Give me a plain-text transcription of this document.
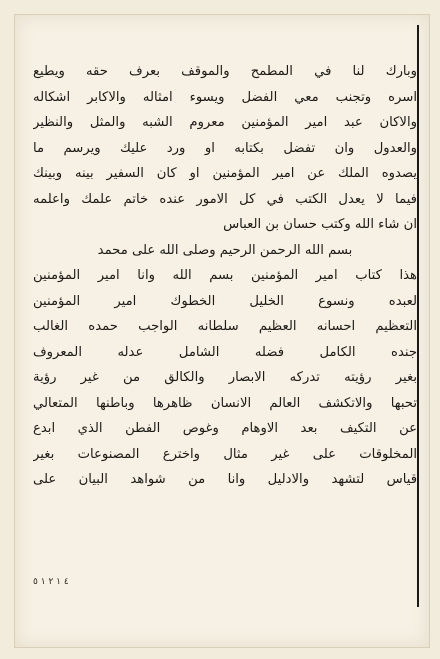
وبارك لنا في المطمح والموقف بعرف حقه ويطيع
اسره وتجنب معي الفضل ويسوء امثاله والاكابر اشكاله
والاكان عبد امير المؤمنين معروم الشبه والمثل والنظير
والعدول وان تفضل بكتابه او ورد عليك ويرسم ما
يصدوه الملك عن امير المؤمنين او كان السفير بينه وبينك
فيما لا يعدل الكتب في كل الامور عنده خاتم علمك واعلمه
ان شاء الله وكتب حسان بن العباس
بسم الله الرحمن الرحيم وصلى الله على محمد
هذا كتاب امير المؤمنين بسم الله وانا امير المؤمنين
لعبده ونسوع الخليل الخطوك امير المؤمنين
التعظيم احسانه العظيم سلطانه الواجب حمده الغالب
جنده الكامل فضله الشامل عدله المعروف
بغير رؤيته تدركه الابصار والكالق من غير رؤية
تحبها والاتكشف العالم الانسان ظاهرها وباطنها المتعالي
عن التكيف بعد الاوهام وغوص الفطن الذي ابدع
المخلوقات على غير مثال واخترع المصنوعات بغير
قياس لتشهد والادليل وانا من شواهد البيان على
٤ ١ ٢ ١ ٥
